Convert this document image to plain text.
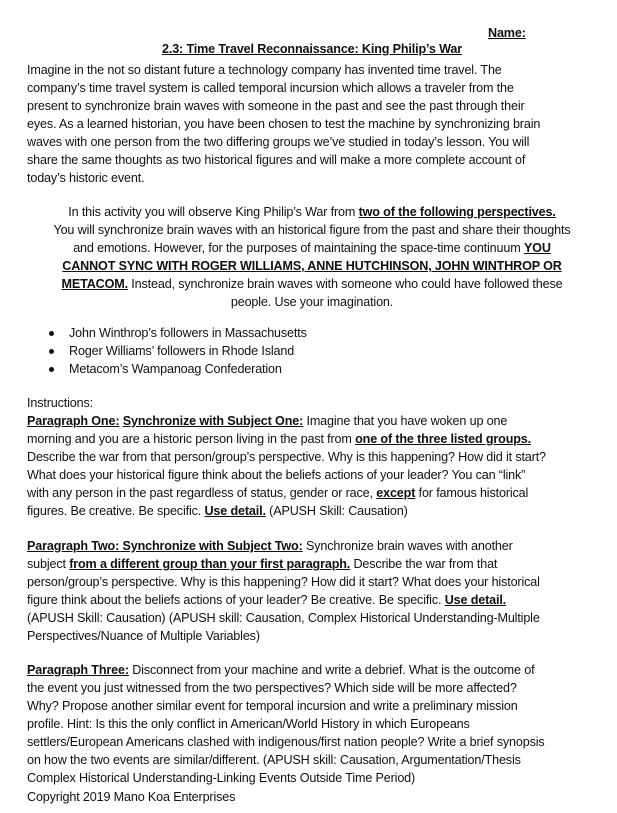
Name:
2.3: Time Travel Reconnaissance: King Philip’s War
Imagine in the not so distant future a technology company has invented time travel. The
company’s time travel system is called temporal incursion which allows a traveler from the
present to synchronize brain waves with someone in the past and see the past through their
eyes. As a learned historian, you have been chosen to test the machine by synchronizing brain
waves with one person from the two differing groups we’ve studied in today’s lesson. You will
share the same thoughts as two historical figures and will make a more complete account of
today’s historic event.
In this activity you will observe King Philip’s War from two of the following perspectives.
You will synchronize brain waves with an historical figure from the past and share their thoughts
and emotions. However, for the purposes of maintaining the space-time continuum YOU
CANNOT SYNC WITH ROGER WILLIAMS, ANNE HUTCHINSON, JOHN WINTHROP OR
METACOM. Instead, synchronize brain waves with someone who could have followed these
people. Use your imagination.
John Winthrop’s followers in Massachusetts
Roger Williams’ followers in Rhode Island
Metacom’s Wampanoag Confederation
Instructions:
Paragraph One: Synchronize with Subject One: Imagine that you have woken up one
morning and you are a historic person living in the past from one of the three listed groups.
Describe the war from that person/group’s perspective. Why is this happening? How did it start?
What does your historical figure think about the beliefs actions of your leader? You can “link”
with any person in the past regardless of status, gender or race, except for famous historical
figures. Be creative. Be specific. Use detail. (APUSH Skill: Causation)
Paragraph Two: Synchronize with Subject Two: Synchronize brain waves with another
subject from a different group than your first paragraph. Describe the war from that
person/group’s perspective. Why is this happening? How did it start? What does your historical
figure think about the beliefs actions of your leader? Be creative. Be specific. Use detail.
(APUSH Skill: Causation) (APUSH skill: Causation, Complex Historical Understanding-Multiple
Perspectives/Nuance of Multiple Variables)
Paragraph Three: Disconnect from your machine and write a debrief. What is the outcome of
the event you just witnessed from the two perspectives? Which side will be more affected?
Why? Propose another similar event for temporal incursion and write a preliminary mission
profile. Hint: Is this the only conflict in American/World History in which Europeans
settlers/European Americans clashed with indigenous/first nation people? Write a brief synopsis
on how the two events are similar/different. (APUSH skill: Causation, Argumentation/Thesis
Complex Historical Understanding-Linking Events Outside Time Period)
Copyright 2019 Mano Koa Enterprises
